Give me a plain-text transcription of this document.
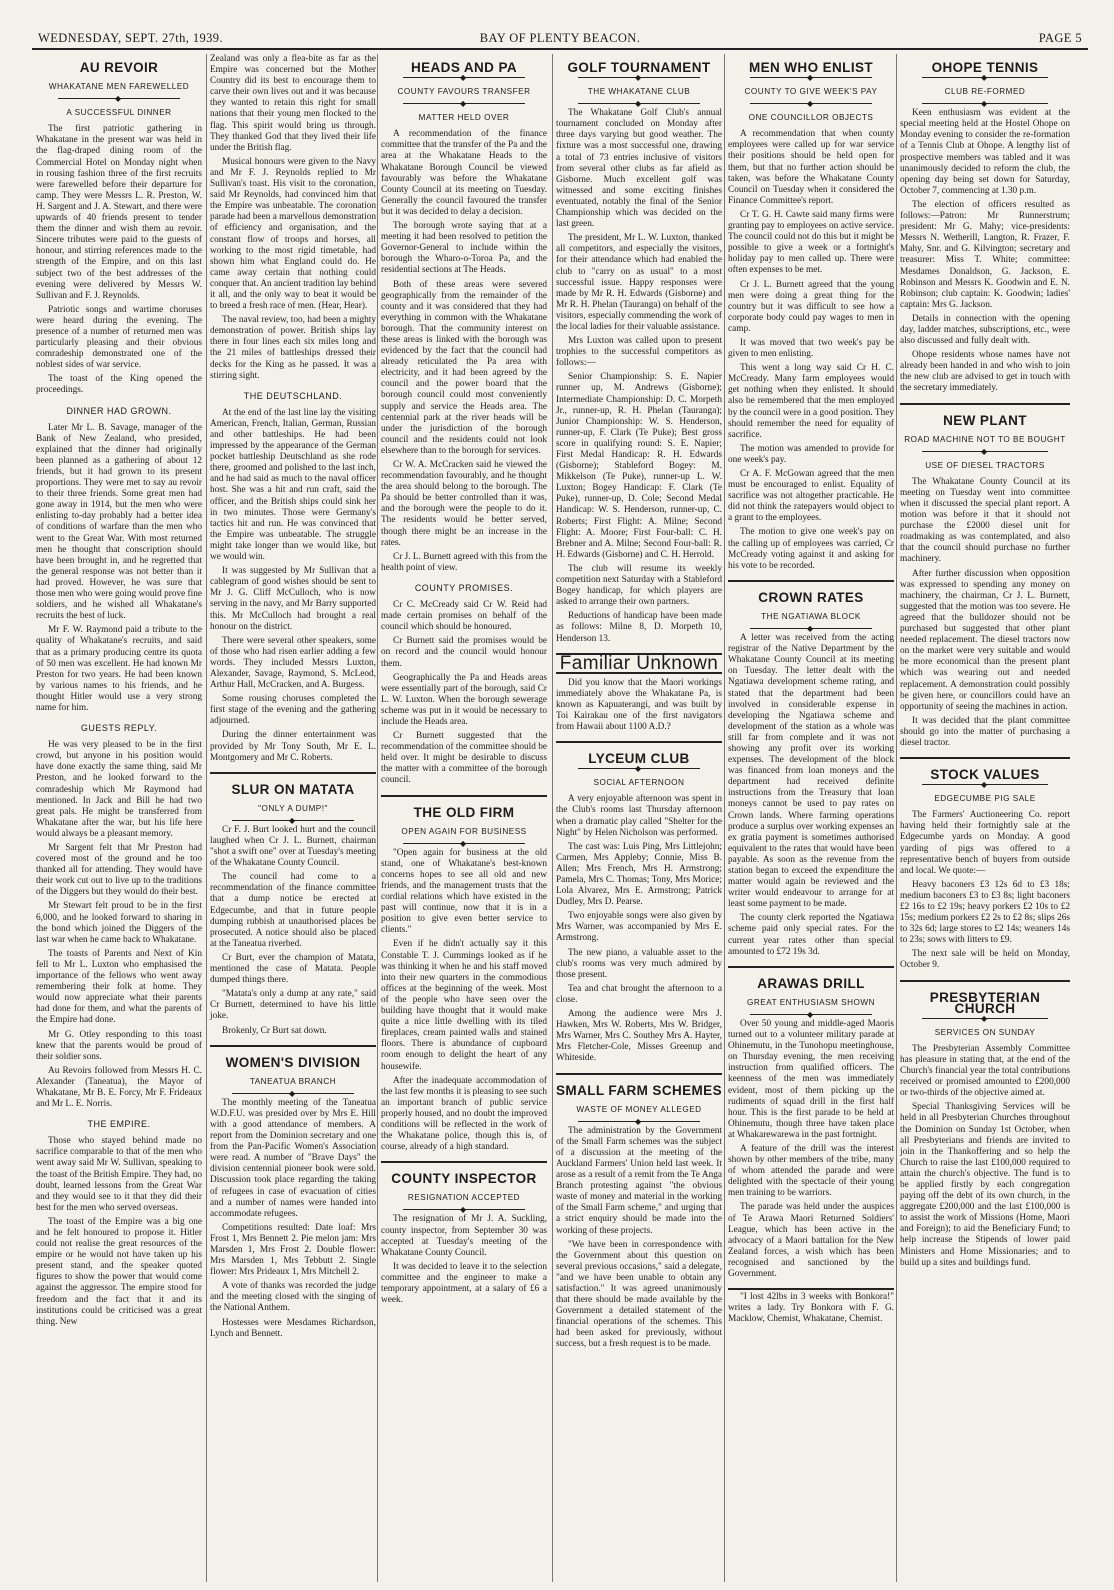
WEDNESDAY, SEPT. 27th, 1939.	BAY OF PLENTY BEACON.	PAGE 5
AU REVOIR
WHAKATANE MEN FAREWELLED
◆
A SUCCESSFUL DINNER

The first patriotic gathering in Whakatane in the present war was held in the flag-draped dining room of the Commercial Hotel on Monday night when in rousing fashion three of the first recruits were farewelled before their departure for camp. They were Messrs L. R. Preston, W. H. Sargent and J. A. Stewart, and there were upwards of 40 friends present to tender them the dinner and wish them au revoir. Sincere tributes were paid to the guests of honour, and stirring references made to the strength of the Empire, and on this last subject two of the best addresses of the evening were delivered by Messrs W. Sullivan and F. J. Reynolds.

Patriotic songs and wartime choruses were heard during the evening. The presence of a number of returned men was particularly pleasing and their obvious comradeship demonstrated one of the noblest sides of war service.

The toast of the King opened the proceedings.

DINNER HAD GROWN.

Later Mr L. B. Savage, manager of the Bank of New Zealand, who presided, explained that the dinner had originally been planned as a gathering of about 12 friends, but it had grown to its present proportions. They were met to say au revoir to their three friends. Some great men had gone away in 1914, but the men who were enlisting to-day probably had a better idea of conditions of warfare than the men who went to the Great War. With most returned men he thought that conscription should have been brought in, and he regretted that the general response was not better than it had proved. However, he was sure that those men who were going would prove fine soldiers, and he wished all Whakatane's recruits the best of luck.

Mr F. W. Raymond paid a tribute to the quality of Whakatane's recruits, and said that as a primary producing centre its quota of 50 men was excellent. He had known Mr Preston for two years. He had been known by various names to his friends, and he thought Hitler would use a very strong name for him.

GUESTS REPLY.

He was very pleased to be in the first crowd, but anyone in his position would have done exactly the same thing, said Mr Preston, and he looked forward to the comradeship which Mr Raymond had mentioned. In Jack and Bill he had two great pals. He might be transferred from Whakatane after the war, but his life here would always be a pleasant memory.

Mr Sargent felt that Mr Preston had covered most of the ground and he too thanked all for attending. They would have their work cut out to live up to the traditions of the Diggers but they would do their best.

Mr Stewart felt proud to be in the first 6,000, and he looked forward to sharing in the bond which joined the Diggers of the last war when he came back to Whakatane.

The toasts of Parents and Next of Kin fell to Mr L. Luxton who emphasised the importance of the fellows who went away remembering their folk at home. They would now appreciate what their parents had done for them, and what the parents of the Empire had done.

Mr G. Otley responding to this toast knew that the parents would be proud of their soldier sons.

Au Revoirs followed from Messrs H. C. Alexander (Taneatua), the Mayor of Whakatane, Mr B. E. Forcy, Mr F. Frideaux and Mr L. E. Norris.

THE EMPIRE.

Those who stayed behind made no sacrifice comparable to that of the men who went away said Mr W. Sullivan, speaking to the toast of the British Empire. They had, no doubt, learned lessons from the Great War and they would see to it that they did their best for the men who served overseas.

The toast of the Empire was a big one and he felt honoured to propose it. Hitler could not realise the great resources of the empire or he would not have taken up his present stand, and the speaker quoted figures to show the power that would come against the aggressor. The empire stood for freedom and the fact that it and its institutions could be criticised was a great thing. New

Zealand was only a flea-bite as far as the Empire was concerned but the Mother Country did its best to encourage them to carve their own lives out and it was because they wanted to retain this right for small nations that their young men flocked to the flag. This spirit would bring us through. They thanked God that they lived their life under the British flag.

Musical honours were given to the Navy and Mr F. J. Reynolds replied to Mr Sullivan's toast. His visit to the coronation, said Mr Reynolds, had convinced him that the Empire was unbeatable. The coronation parade had been a marvellous demonstration of efficiency and organisation, and the constant flow of troops and horses, all working to the most rigid timetable, had shown him what England could do. He came away certain that nothing could conquer that. An ancient tradition lay behind it all, and the only way to beat it would be to breed a fresh race of men. (Hear, Hear).

The naval review, too, had been a mighty demonstration of power. British ships lay there in four lines each six miles long and the 21 miles of battleships dressed their decks for the King as he passed. It was a stirring sight.

THE DEUTSCHLAND.

At the end of the last line lay the visiting American, French, Italian, German, Russian and other battleships. He had been impressed by the appearance of the German pocket battleship Deutschland as she rode there, groomed and polished to the last inch, and he had said as much to the naval officer host. She was a hit and run craft, said the officer, and the British ships could sink her in two minutes. Those were Germany's tactics hit and run. He was convinced that the Empire was unbeatable. The struggle might take longer than we would like, but we would win.

It was suggested by Mr Sullivan that a cablegram of good wishes should be sent to Mr J. G. Cliff McCulloch, who is now serving in the navy, and Mr Barry supported this. Mr McCulloch had brought a real honour on the district.

There were several other speakers, some of those who had risen earlier adding a few words. They included Messrs Luxton, Alexander, Savage, Raymond, S. McLeod, Arthur Hall, McCracken, and A. Burgess.

Some rousing choruses completed the first stage of the evening and the gathering adjourned.

During the dinner entertainment was provided by Mr Tony South, Mr E. L. Montgomery and Mr C. Roberts.

SLUR ON MATATA
"ONLY A DUMP!"
◆

Cr F. J. Burt looked hurt and the council laughed when Cr J. L. Burnett, chairman "shot a swift one" over at Tuesday's meeting of the Whakatane County Council.

The council had come to a recommendation of the finance committee that a dump notice be erected at Edgecumbe, and that in future people dumping rubbish at unauthorised places be prosecuted. A notice should also be placed at the Taneatua riverbed.

Cr Burt, ever the champion of Matata, mentioned the case of Matata. People dumped things there.

"Matata's only a dump at any rate," said Cr Burnett, determined to have his little joke.

Brokenly, Cr Burt sat down.

WOMEN'S DIVISION
TANEATUA BRANCH
◆

The monthly meeting of the Taneatua W.D.F.U. was presided over by Mrs E. Hill with a good attendance of members. A report from the Dominion secretary and one from the Pan-Pacific Women's Association were read. A number of "Brave Days" the division centennial pioneer book were sold. Discussion took place regarding the taking of refugees in case of evacuation of cities and a number of names were handed into accommodate refugees.

Competitions resulted: Date loaf: Mrs Frost 1, Mrs Bennett 2. Pie melon jam: Mrs Marsden 1, Mrs Frost 2. Double flower: Mrs Marsden 1, Mrs Tebbutt 2. Single flower: Mrs Prideaux 1, Mrs Mitchell 2.

A vote of thanks was recorded the judge and the meeting closed with the singing of the National Anthem.

Hostesses were Mesdames Richardson, Lynch and Bennett.

HEADS AND PA
◆
COUNTY FAVOURS TRANSFER
◆
MATTER HELD OVER

A recommendation of the finance committee that the transfer of the Pa and the area at the Whakatane Heads to the Whakatane Borough Council be viewed favourably was before the Whakatane County Council at its meeting on Tuesday. Generally the council favoured the transfer but it was decided to delay a decision.

The borough wrote saying that at a meeting it had been resolved to petition the Governor-General to include within the borough the Wharo-o-Toroa Pa, and the residential sections at The Heads.

Both of these areas were severed geographically from the remainder of the county and it was considered that they had everything in common with the Whakatane borough. That the community interest on these areas is linked with the borough was evidenced by the fact that the council had already reticulated the Pa area with electricity, and it had been agreed by the council and the power board that the borough council could most conveniently supply and service the Heads area. The centennial park at the river heads will be under the jurisdiction of the borough council and the residents could not look elsewhere than to the borough for services.

Cr W. A. McCracken said he viewed the recommendation favourably, and he thought the area should belong to the borough. The Pa should be better controlled than it was, and the borough were the people to do it. The residents would be better served, though there might be an increase in the rates.

Cr J. L. Burnett agreed with this from the health point of view.

COUNTY PROMISES.

Cr C. McCready said Cr W. Reid had made certain promises on behalf of the council which should be honoured.

Cr Burnett said the promises would be on record and the council would honour them.

Geographically the Pa and Heads areas were essentially part of the borough, said Cr L. W. Luxton. When the borough sewerage scheme was put in it would be necessary to include the Heads area.

Cr Burnett suggested that the recommendation of the committee should be held over. It might be desirable to discuss the matter with a committee of the borough council.

THE OLD FIRM
OPEN AGAIN FOR BUSINESS
◆

"Open again for business at the old stand, one of Whakatane's best-known concerns hopes to see all old and new friends, and the management trusts that the cordial relations which have existed in the past will continue, now that it is in a position to give even better service to clients."

Even if he didn't actually say it this Constable T. J. Cummings looked as if he was thinking it when he and his staff moved into their new quarters in the commodious offices at the beginning of the week. Most of the people who have seen over the building have thought that it would make quite a nice little dwelling with its tiled fireplaces, cream painted walls and stained floors. There is abundance of cupboard room enough to delight the heart of any housewife.

After the inadequate accommodation of the last few months it is pleasing to see such an important branch of public service properly housed, and no doubt the improved conditions will be reflected in the work of the Whakatane police, though this is, of course, already of a high standard.

COUNTY INSPECTOR
RESIGNATION ACCEPTED
◆

The resignation of Mr J. A. Suckling, county inspector, from September 30 was accepted at Tuesday's meeting of the Whakatane County Council.

It was decided to leave it to the selection committee and the engineer to make a temporary appointment, at a salary of £6 a week.

GOLF TOURNAMENT
◆
THE WHAKATANE CLUB
◆

The Whakatane Golf Club's annual tournament concluded on Monday after three days varying but good weather. The fixture was a most successful one, drawing a total of 73 entries inclusive of visitors from several other clubs as far afield as Gisborne. Much excellent golf was witnessed and some exciting finishes eventuated, notably the final of the Senior Championship which was decided on the last green.

The president, Mr L. W. Luxton, thanked all competitors, and especially the visitors, for their attendance which had enabled the club to "carry on as usual" to a most successful issue. Happy responses were made by Mr R. H. Edwards (Gisborne) and Mr R. H. Phelan (Tauranga) on behalf of the visitors, especially commending the work of the local ladies for their valuable assistance.

Mrs Luxton was called upon to present trophies to the successful competitors as follows:—

Senior Championship: S. E. Napier runner up, M. Andrews (Gisborne); Intermediate Championship: D. C. Morpeth Jr., runner-up, R. H. Phelan (Tauranga); Junior Championship: W. S. Henderson, runner-up, F. Clark (Te Puke); Best gross score in qualifying round: S. E. Napier; First Medal Handicap: R. H. Edwards (Gisborne); Stableford Bogey: M. Mikkelson (Te Puke), runner-up L. W. Luxton; Bogey Handicap: F. Clark (Te Puke), runner-up, D. Cole; Second Medal Handicap: W. S. Henderson, runner-up, C. Roberts; First Flight: A. Milne; Second Flight: A. Moore; First Four-ball: C. H. Brebner and A. Milne; Second Four-ball: R. H. Edwards (Gisborne) and C. H. Herrold.

The club will resume its weekly competition next Saturday with a Stableford Bogey handicap, for which players are asked to arrange their own partners.

Reductions of handicap have been made as follows: Milne 8, D. Morpeth 10, Henderson 13.

Familiar Unknown

Did you know that the Maori workings immediately above the Whakatane Pa, is known as Kapuaterangi, and was built by Toi Kairakau one of the first navigators from Hawaii about 1100 A.D.?

LYCEUM CLUB
◆
SOCIAL AFTERNOON

A very enjoyable afternoon was spent in the Club's rooms last Thursday afternoon when a dramatic play called "Shelter for the Night" by Helen Nicholson was performed.

The cast was: Luis Ping, Mrs Littlejohn; Carmen, Mrs Appleby; Connie, Miss B. Allen; Mrs French, Mrs H. Armstrong; Pamela, Mrs C. Thomas; Tony, Mrs Morice; Lola Alvarez, Mrs E. Armstrong; Patrick Dudley, Mrs D. Pearse.

Two enjoyable songs were also given by Mrs Warner, was accompanied by Mrs E. Armstrong.

The new piano, a valuable asset to the club's rooms was very much admired by those present.

Tea and chat brought the afternoon to a close.

Among the audience were Mrs J. Hawken, Mrs W. Roberts, Mrs W. Bridger, Mrs Warner, Mrs C. Southey Mrs A. Hayter, Mrs Fletcher-Cole, Misses Greenup and Whiteside.

SMALL FARM SCHEMES
WASTE OF MONEY ALLEGED
◆

The administration by the Government of the Small Farm schemes was the subject of a discussion at the meeting of the Auckland Farmers' Union held last week. It arose as a result of a remit from the Te Anga Branch protesting against "the obvious waste of money and material in the working of the Small Farm scheme," and urging that a strict enquiry should be made into the working of these projects.

"We have been in correspondence with the Government about this question on several previous occasions," said a delegate, "and we have been unable to obtain any satisfaction." It was agreed unanimously that there should be made available by the Government a detailed statement of the financial operations of the schemes. This had been asked for previously, without success, but a fresh request is to be made.

MEN WHO ENLIST
◆
COUNTY TO GIVE WEEK'S PAY
◆
ONE COUNCILLOR OBJECTS

A recommendation that when county employees were called up for war service their positions should be held open for them, but that no further action should be taken, was before the Whakatane County Council on Tuesday when it considered the Finance Committee's report.

Cr T. G. H. Cawte said many firms were granting pay to employees on active service. The council could not do this but it might be possible to give a week or a fortnight's holiday pay to men called up. There were often expenses to be met.

Cr J. L. Burnett agreed that the young men were doing a great thing for the country but it was difficult to see how a corporate body could pay wages to men in camp.

It was moved that two week's pay be given to men enlisting.

This went a long way said Cr H. C. McCready. Many farm employees would get nothing when they enlisted. It should also be remembered that the men employed by the council were in a good position. They should remember the need for equality of sacrifice.

The motion was amended to provide for one week's pay.

Cr A. F. McGowan agreed that the men must be encouraged to enlist. Equality of sacrifice was not altogether practicable. He did not think the ratepayers would object to a grant to the employees.

The motion to give one week's pay on the calling up of employees was carried, Cr McCready voting against it and asking for his vote to be recorded.

CROWN RATES
THE NGATIAWA BLOCK
◆

A letter was received from the acting registrar of the Native Department by the Whakatane County Council at its meeting on Tuesday. The letter dealt with the Ngatiawa development scheme rating, and stated that the department had been involved in considerable expense in developing the Ngatiawa scheme and development of the station as a whole was still far from complete and it was not showing any profit over its working expenses. The development of the block was financed from loan moneys and the department had received definite instructions from the Treasury that loan moneys cannot be used to pay rates on Crown lands. Where farming operations produce a surplus over working expenses an ex gratia payment is sometimes authorised equivalent to the rates that would have been payable. As soon as the revenue from the station began to exceed the expenditure the matter would again be reviewed and the writer would endeavour to arrange for at least some payment to be made.

The county clerk reported the Ngatiawa scheme paid only special rates. For the current year rates other than special amounted to £72 19s 3d.

ARAWAS DRILL
GREAT ENTHUSIASM SHOWN
◆

Over 50 young and middle-aged Maoris turned out to a volunteer military parade at Ohinemutu, in the Tunohopu meetinghouse, on Thursday evening, the men receiving instruction from qualified officers. The keenness of the men was immediately evident, most of them picking up the rudiments of squad drill in the first half hour. This is the first parade to be held at Ohinemutu, though three have taken place at Whakarewarewa in the past fortnight.

A feature of the drill was the interest shown by other members of the tribe, many of whom attended the parade and were delighted with the spectacle of their young men training to be warriors.

The parade was held under the auspices of Te Arawa Maori Returned Soldiers' League, which has been active in the advocacy of a Maori battalion for the New Zealand forces, a wish which has been recognised and sanctioned by the Government.

"I lost 42lbs in 3 weeks with Bonkora!" writes a lady. Try Bonkora with F. G. Macklow, Chemist, Whakatane, Chemist.

OHOPE TENNIS
◆
CLUB RE-FORMED
◆

Keen enthusiasm was evident at the special meeting held at the Hostel Ohope on Monday evening to consider the re-formation of a Tennis Club at Ohope. A lengthy list of prospective members was tabled and it was unanimously decided to reform the club, the opening day being set down for Saturday, October 7, commencing at 1.30 p.m.

The election of officers resulted as follows:—Patron: Mr Runnerstrum; president: Mr G. Mahy; vice-presidents: Messrs N. Wetherill, Langton, R. Frazer, F. Mahy, Snr. and G. Kilvington; secretary and treasurer: Miss T. White; committee: Mesdames Donaldson, G. Jackson, E. Robinson and Messrs K. Goodwin and E. N. Robinson; club captain: K. Goodwin; ladies' captain: Mrs G. Jackson.

Details in connection with the opening day, ladder matches, subscriptions, etc., were also discussed and fully dealt with.

Ohope residents whose names have not already been handed in and who wish to join the new club are advised to get in touch with the secretary immediately.

NEW PLANT
ROAD MACHINE NOT TO BE BOUGHT
◆
USE OF DIESEL TRACTORS

The Whakatane County Council at its meeting on Tuesday went into committee when it discussed the special plant report. A motion was before it that it should not purchase the £2000 diesel unit for roadmaking as was contemplated, and also that the council should purchase no further machinery.

After further discussion when opposition was expressed to spending any money on machinery, the chairman, Cr J. L. Burnett, suggested that the motion was too severe. He agreed that the bulldozer should not be purchased but suggested that other plant needed replacement. The diesel tractors now on the market were very suitable and would be more economical than the present plant which was wearing out and needed replacement. A demonstration could possibly be given here, or councillors could have an opportunity of seeing the machines in action.

It was decided that the plant committee should go into the matter of purchasing a diesel tractor.

STOCK VALUES
◆
EDGECUMBE PIG SALE

The Farmers' Auctioneering Co. report having held their fortnightly sale at the Edgecumbe yards on Monday. A good yarding of pigs was offered to a representative bench of buyers from outside and local. We quote:—

Heavy baconers £3 12s 6d to £3 18s; medium baconers £3 to £3 8s; light baconers £2 16s to £2 19s; heavy porkers £2 10s to £2 15s; medium porkers £2 2s to £2 8s; slips 26s to 32s 6d; large stores to £2 14s; weaners 14s to 23s; sows with litters to £9.

The next sale will be held on Monday, October 9.

PRESBYTERIAN CHURCH
◆
SERVICES ON SUNDAY

The Presbyterian Assembly Committee has pleasure in stating that, at the end of the Church's financial year the total contributions received or promised amounted to £200,000 or two-thirds of the objective aimed at.

Special Thanksgiving Services will be held in all Presbyterian Churches throughout the Dominion on Sunday 1st October, when all Presbyterians and friends are invited to join in the Thankoffering and so help the Church to raise the last £100,000 required to attain the church's objective. The fund is to be applied firstly by each congregation paying off the debt of its own church, in the aggregate £200,000 and the last £100,000 is to assist the work of Missions (Home, Maori and Foreign); to aid the Beneficiary Fund; to help increase the Stipends of lower paid Ministers and Home Missionaries; and to build up a sites and buildings fund.
